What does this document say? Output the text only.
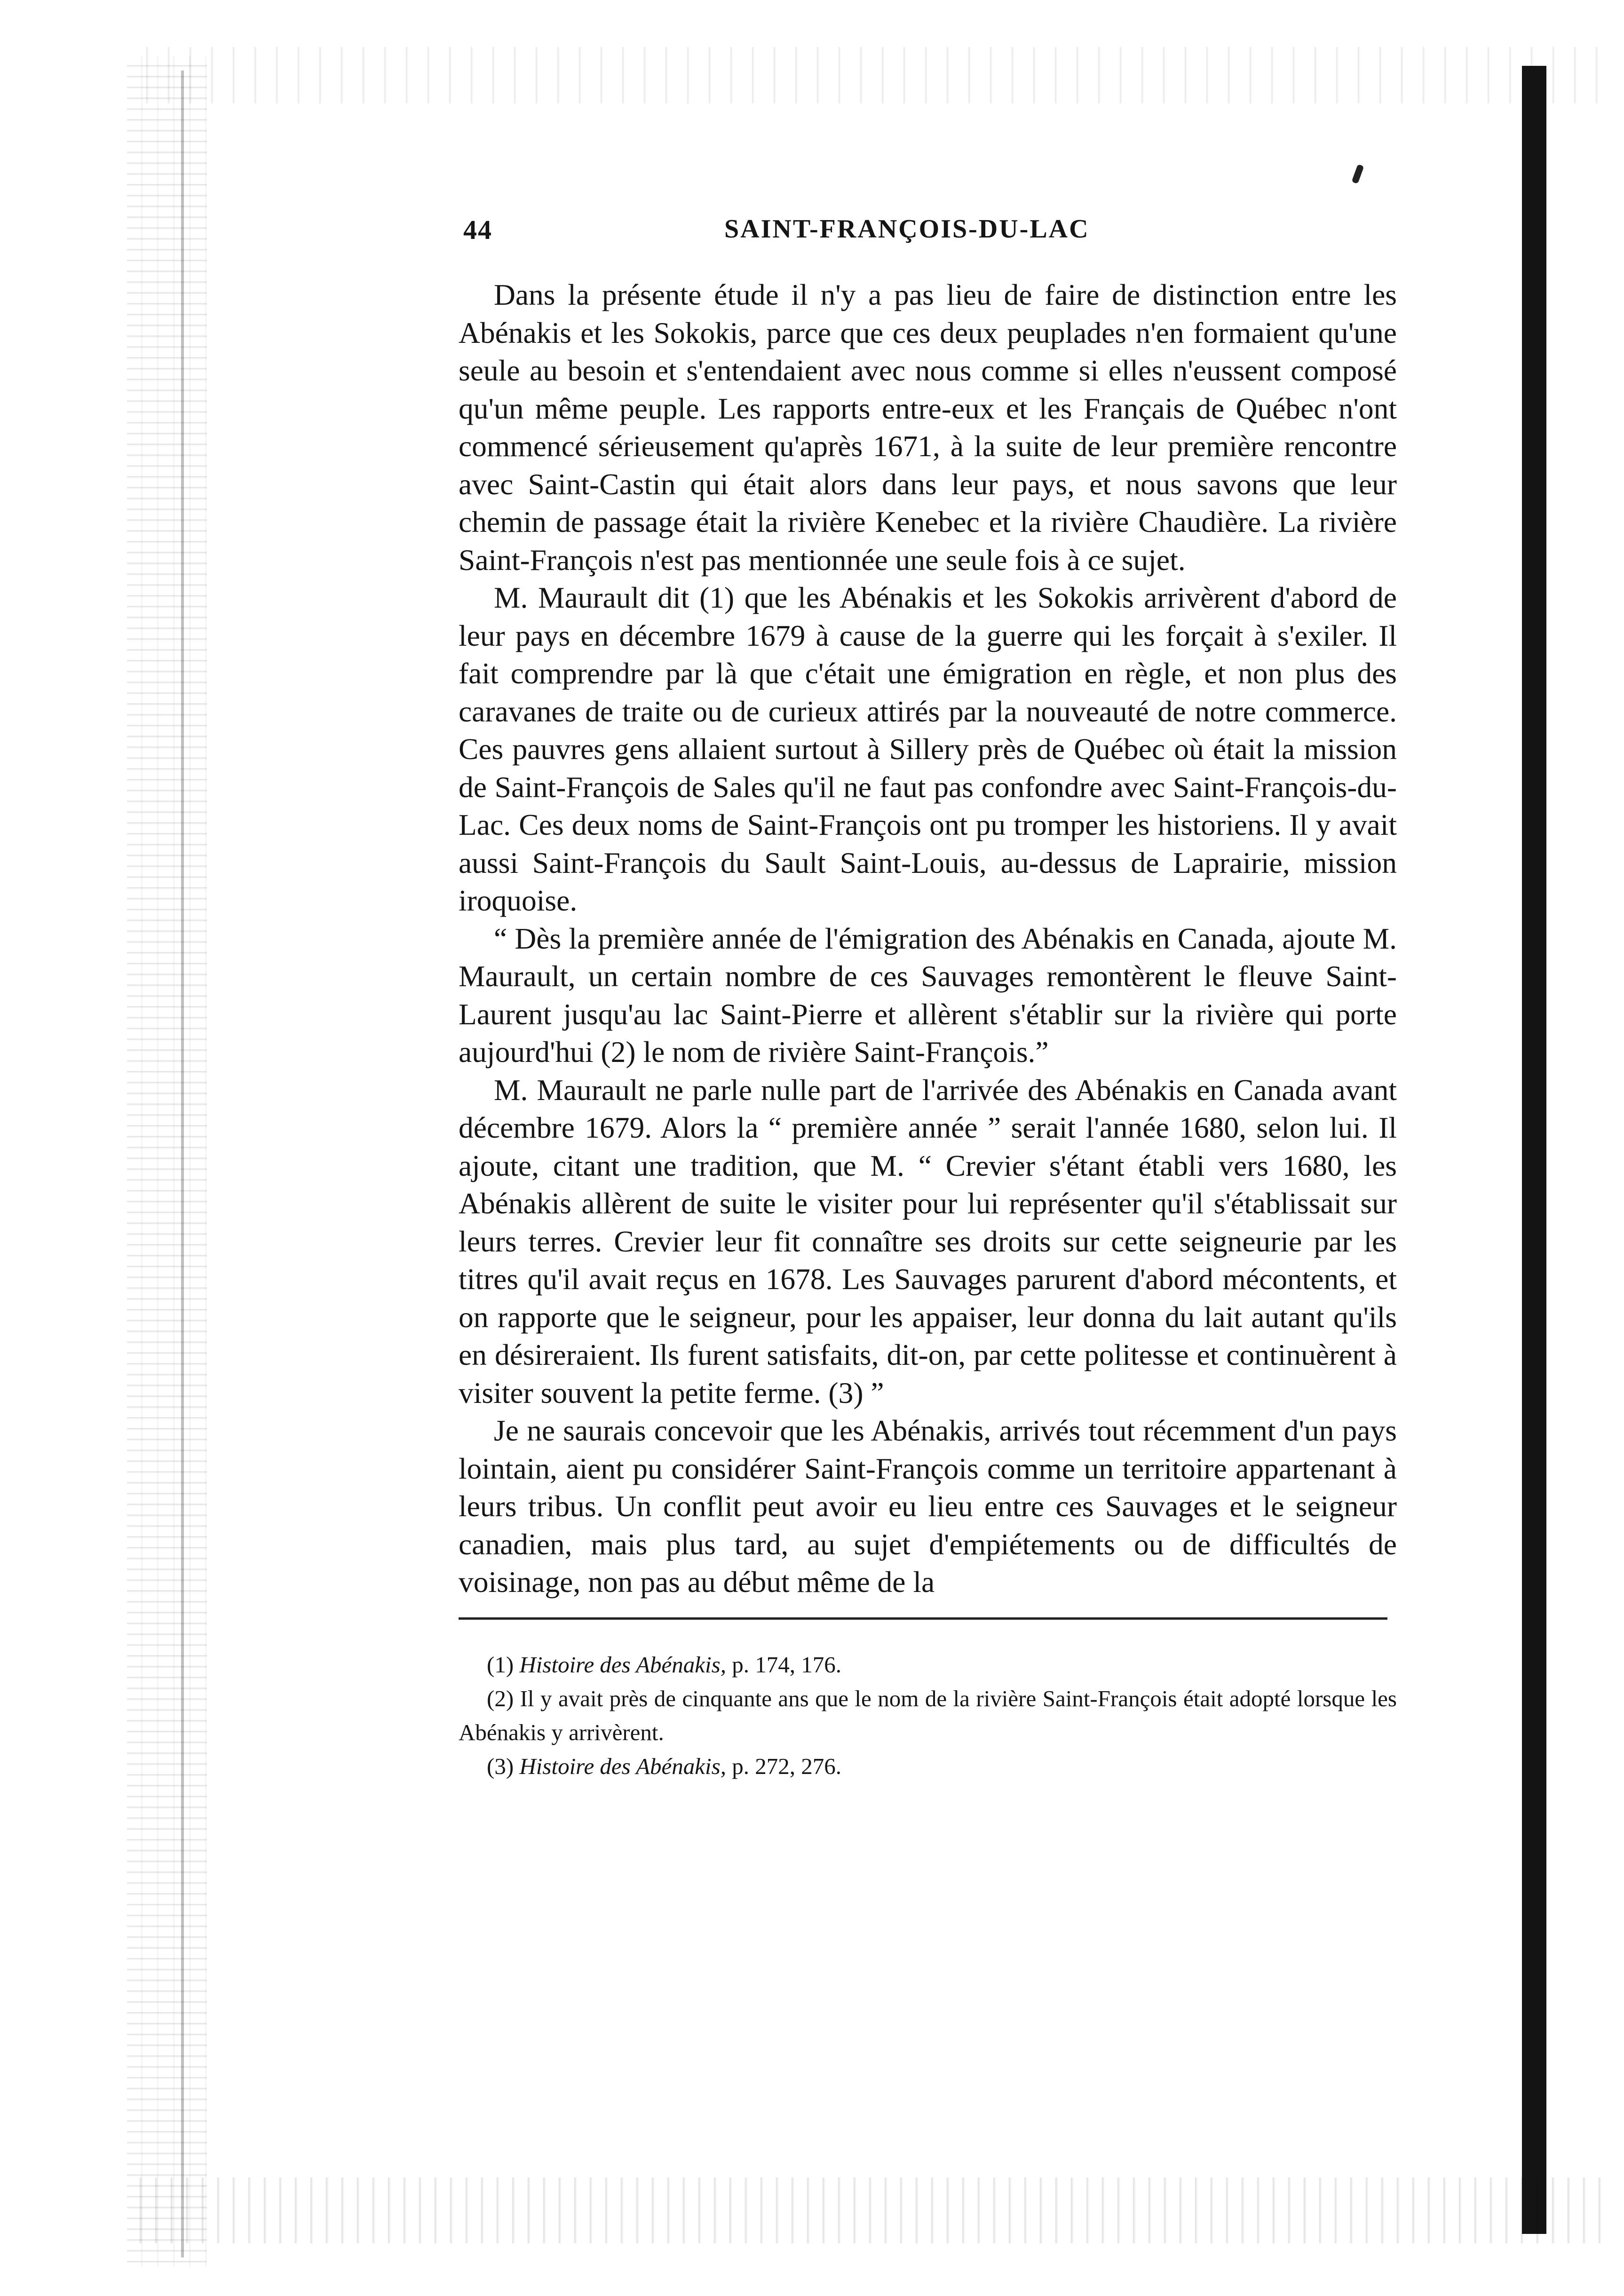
44	SAINT-FRANÇOIS-DU-LAC

Dans la présente étude il n'y a pas lieu de faire de distinction entre les Abénakis et les Sokokis, parce que ces deux peuplades n'en formaient qu'une seule au besoin et s'entendaient avec nous comme si elles n'eussent composé qu'un même peuple. Les rapports entre-eux et les Français de Québec n'ont commencé sérieusement qu'après 1671, à la suite de leur première rencontre avec Saint-Castin qui était alors dans leur pays, et nous savons que leur chemin de passage était la rivière Kenebec et la rivière Chaudière. La rivière Saint-François n'est pas mentionnée une seule fois à ce sujet.

M. Maurault dit (1) que les Abénakis et les Sokokis arrivèrent d'abord de leur pays en décembre 1679 à cause de la guerre qui les forçait à s'exiler. Il fait comprendre par là que c'était une émigration en règle, et non plus des caravanes de traite ou de curieux attirés par la nouveauté de notre commerce. Ces pauvres gens allaient surtout à Sillery près de Québec où était la mission de Saint-François de Sales qu'il ne faut pas confondre avec Saint-François-du-Lac. Ces deux noms de Saint-François ont pu tromper les historiens. Il y avait aussi Saint-François du Sault Saint-Louis, au-dessus de Laprairie, mission iroquoise.

“ Dès la première année de l'émigration des Abénakis en Canada, ajoute M. Maurault, un certain nombre de ces Sauvages remontèrent le fleuve Saint-Laurent jusqu'au lac Saint-Pierre et allèrent s'établir sur la rivière qui porte aujourd'hui (2) le nom de rivière Saint-François.”

M. Maurault ne parle nulle part de l'arrivée des Abénakis en Canada avant décembre 1679. Alors la “ première année ” serait l'année 1680, selon lui. Il ajoute, citant une tradition, que M. “ Crevier s'étant établi vers 1680, les Abénakis allèrent de suite le visiter pour lui représenter qu'il s'établissait sur leurs terres. Crevier leur fit connaître ses droits sur cette seigneurie par les titres qu'il avait reçus en 1678. Les Sauvages parurent d'abord mécontents, et on rapporte que le seigneur, pour les appaiser, leur donna du lait autant qu'ils en désireraient. Ils furent satisfaits, dit-on, par cette politesse et continuèrent à visiter souvent la petite ferme. (3) ”

Je ne saurais concevoir que les Abénakis, arrivés tout récemment d'un pays lointain, aient pu considérer Saint-François comme un territoire appartenant à leurs tribus. Un conflit peut avoir eu lieu entre ces Sauvages et le seigneur canadien, mais plus tard, au sujet d'empiétements ou de difficultés de voisinage, non pas au début même de la

(1) Histoire des Abénakis, p. 174, 176.

(2) Il y avait près de cinquante ans que le nom de la rivière Saint-François était adopté lorsque les Abénakis y arrivèrent.

(3) Histoire des Abénakis, p. 272, 276.
